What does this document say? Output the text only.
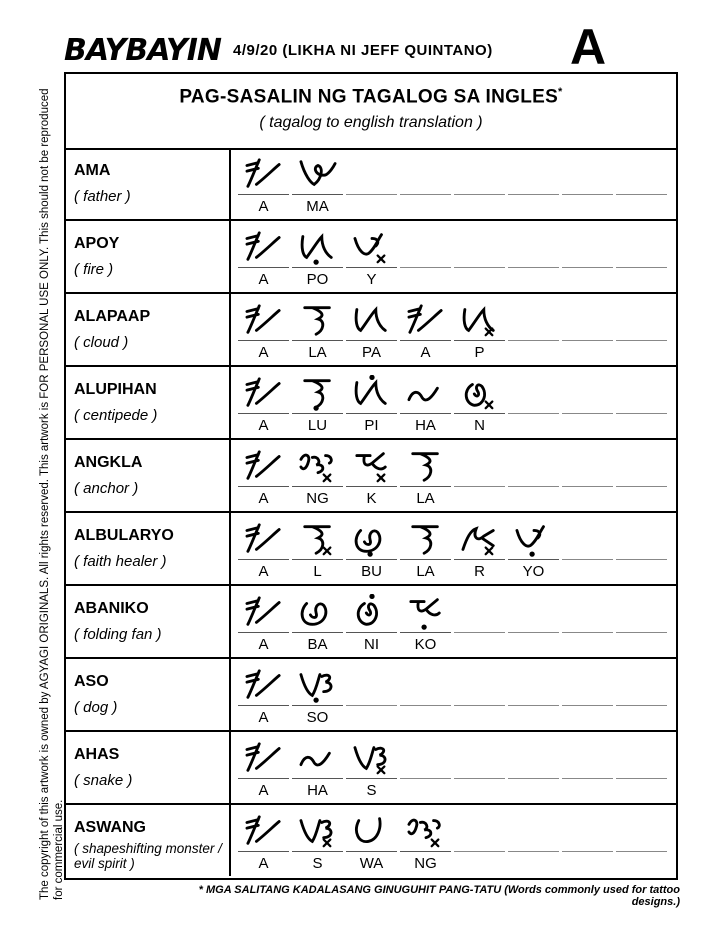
BAYBAYIN 4/9/20 (LIKHA NI JEFF QUINTANO) A
PAG-SASALIN NG TAGALOG SA INGLES*
( tagalog to english translation )
AMA
( father )
A	MA
APOY
( fire )
A	PO	Y
ALAPAAP
( cloud )
A	LA	PA	A	P
ALUPIHAN
( centipede )
A	LU	PI	HA	N
ANGKLA
( anchor )
A	NG	K	LA
ALBULARYO
( faith healer )
A	L	BU	LA	R	YO
ABANIKO
( folding fan )
A	BA	NI	KO
ASO
( dog )
A	SO
AHAS
( snake )
A	HA	S
ASWANG
( shapeshifting monster / evil spirit )	A	S	WA	NG
The copyright of this artwork is owned by AGYAGI ORIGINALS. All rights reserved. This artwork is FOR PERSONAL USE ONLY. This should not be reproduced for commercial use.	* MGA SALITANG KADALASANG GINUGUHIT PANG-TATU (Words commonly used for tattoo designs.)
